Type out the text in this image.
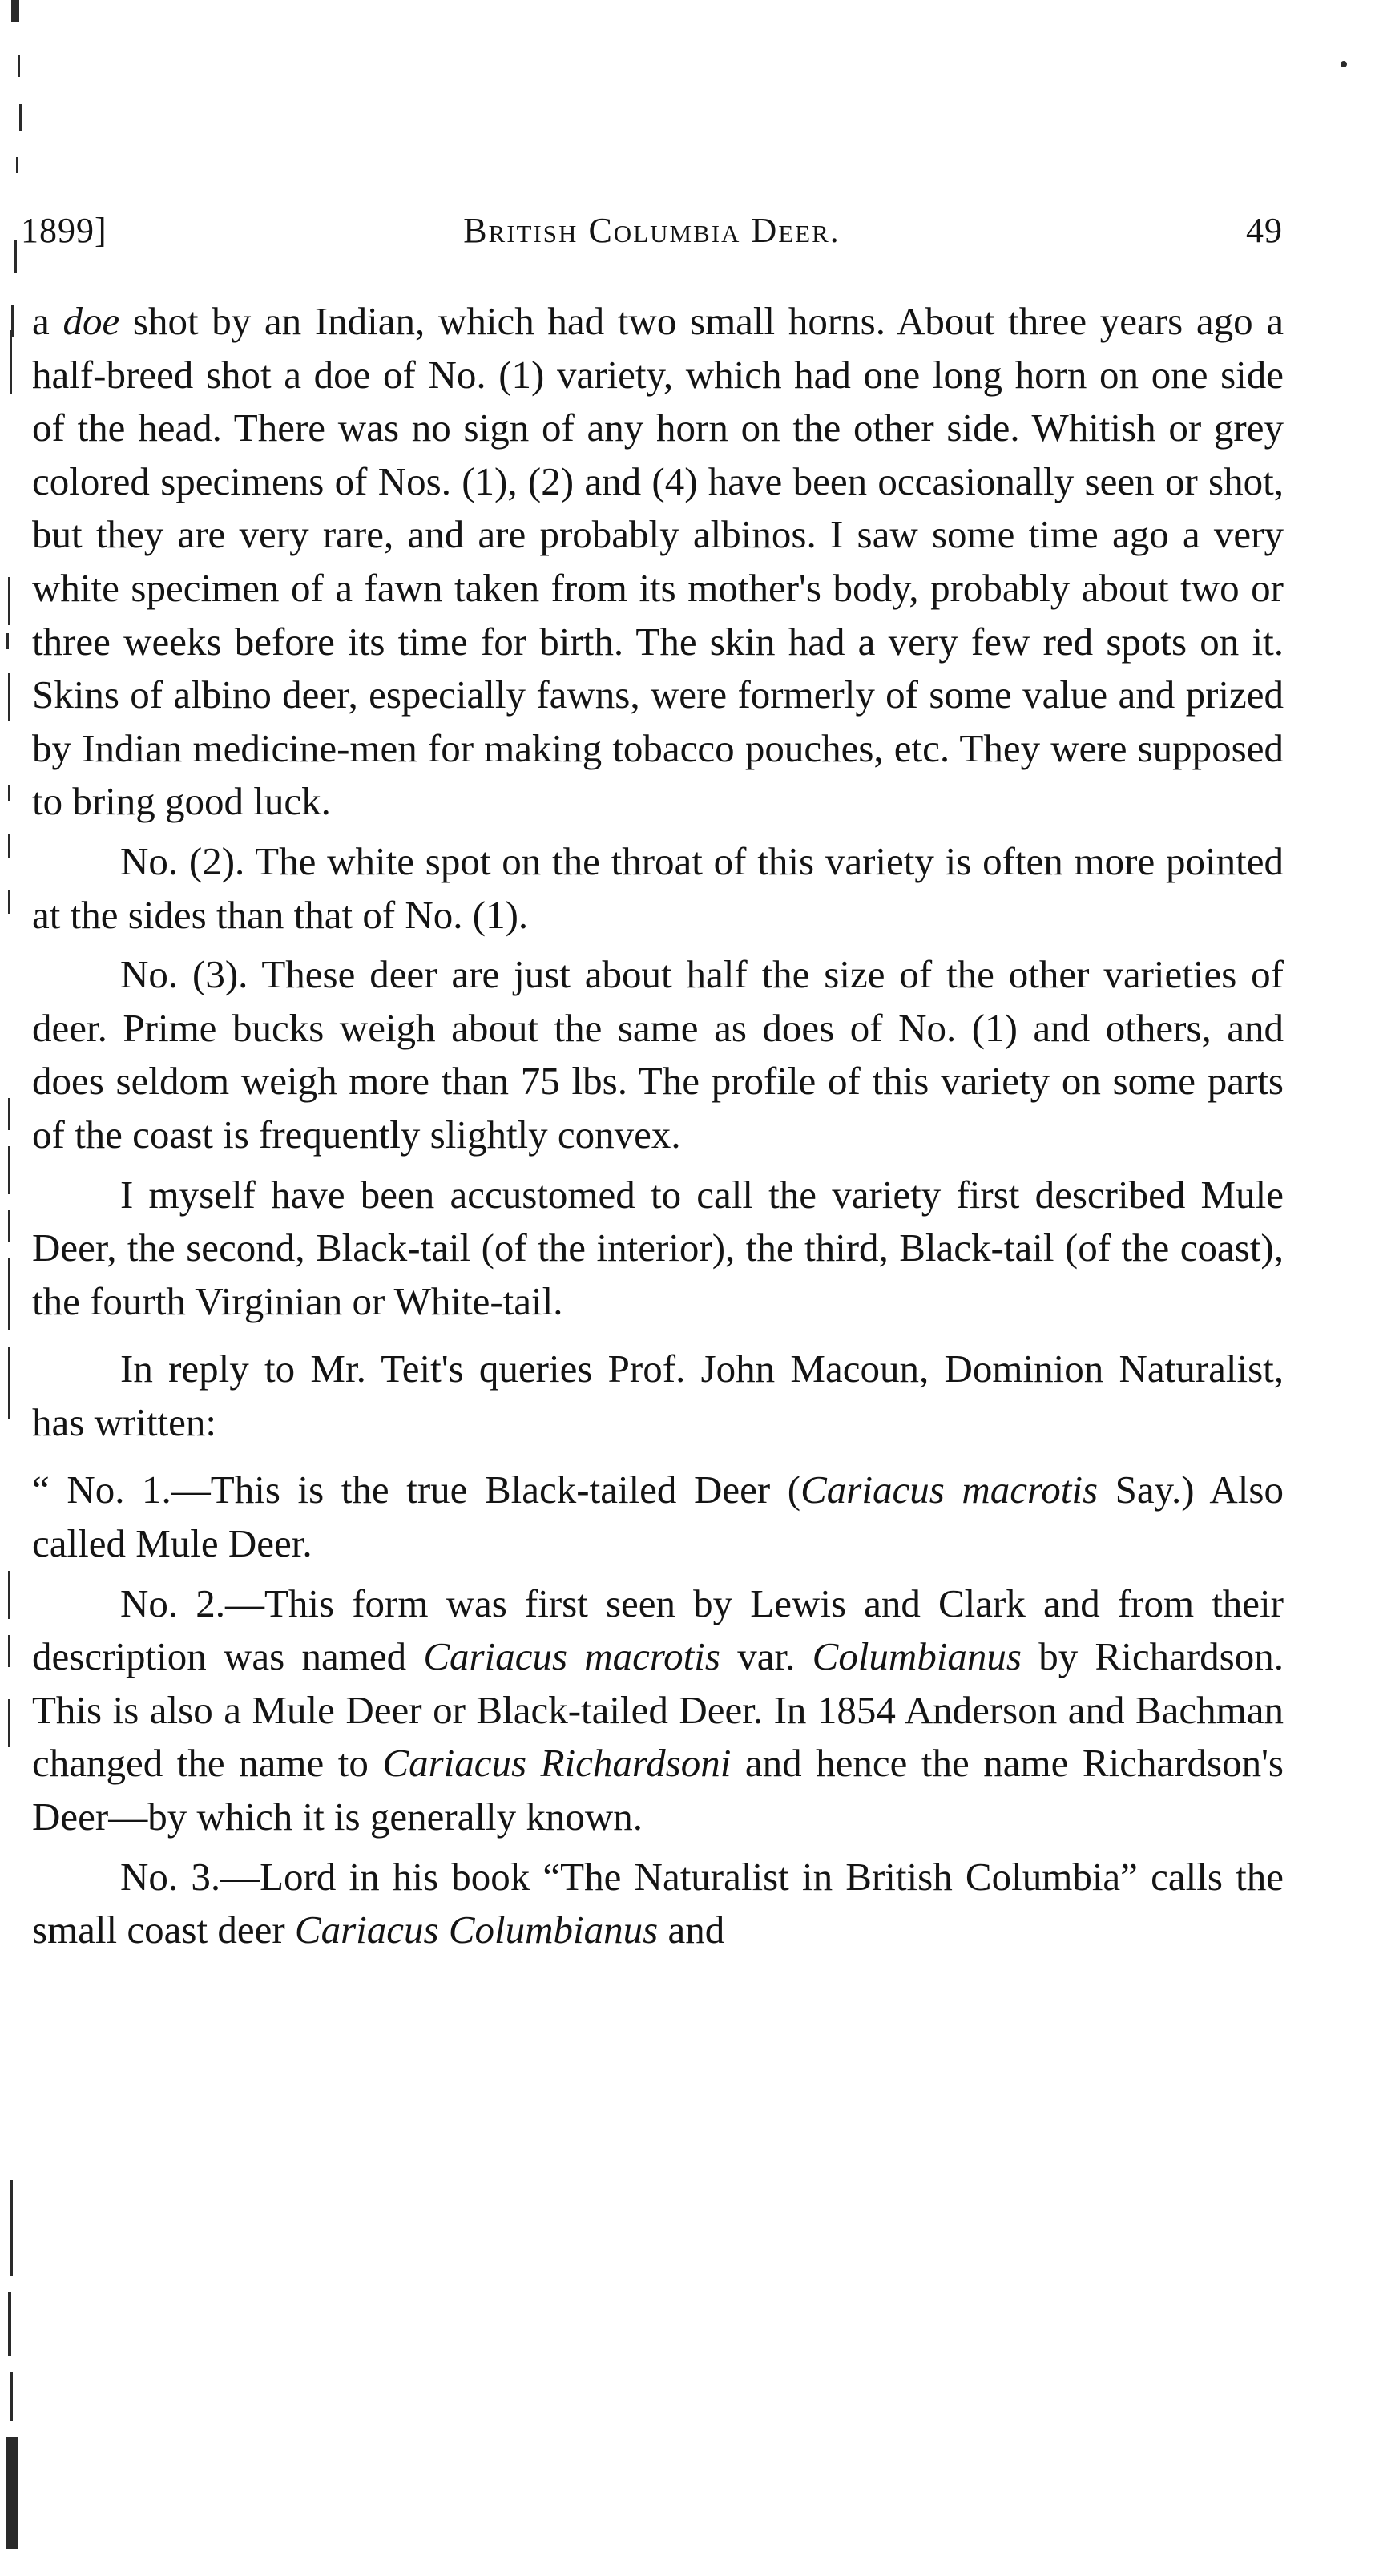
1899]	British Columbia Deer.	49

a doe shot by an Indian, which had two small horns. About three years ago a half-breed shot a doe of No. (1) variety, which had one long horn on one side of the head. There was no sign of any horn on the other side. Whitish or grey colored specimens of Nos. (1), (2) and (4) have been occasionally seen or shot, but they are very rare, and are probably albinos. I saw some time ago a very white specimen of a fawn taken from its mother's body, probably about two or three weeks before its time for birth. The skin had a very few red spots on it. Skins of albino deer, especially fawns, were formerly of some value and prized by Indian medicine-men for making tobacco pouches, etc. They were supposed to bring good luck.

No. (2). The white spot on the throat of this variety is often more pointed at the sides than that of No. (1).

No. (3). These deer are just about half the size of the other varieties of deer. Prime bucks weigh about the same as does of No. (1) and others, and does seldom weigh more than 75 lbs. The profile of this variety on some parts of the coast is frequently slightly convex.

I myself have been accustomed to call the variety first described Mule Deer, the second, Black-tail (of the interior), the third, Black-tail (of the coast), the fourth Virginian or White-tail.

In reply to Mr. Teit's queries Prof. John Macoun, Dominion Naturalist, has written:

“ No. 1.—This is the true Black-tailed Deer (Cariacus macrotis Say.) Also called Mule Deer.

No. 2.—This form was first seen by Lewis and Clark and from their description was named Cariacus macrotis var. Columbianus by Richardson. This is also a Mule Deer or Black-tailed Deer. In 1854 Anderson and Bachman changed the name to Cariacus Richardsoni and hence the name Richardson's Deer—by which it is generally known.

No. 3.—Lord in his book “The Naturalist in British Columbia” calls the small coast deer Cariacus Columbianus and
